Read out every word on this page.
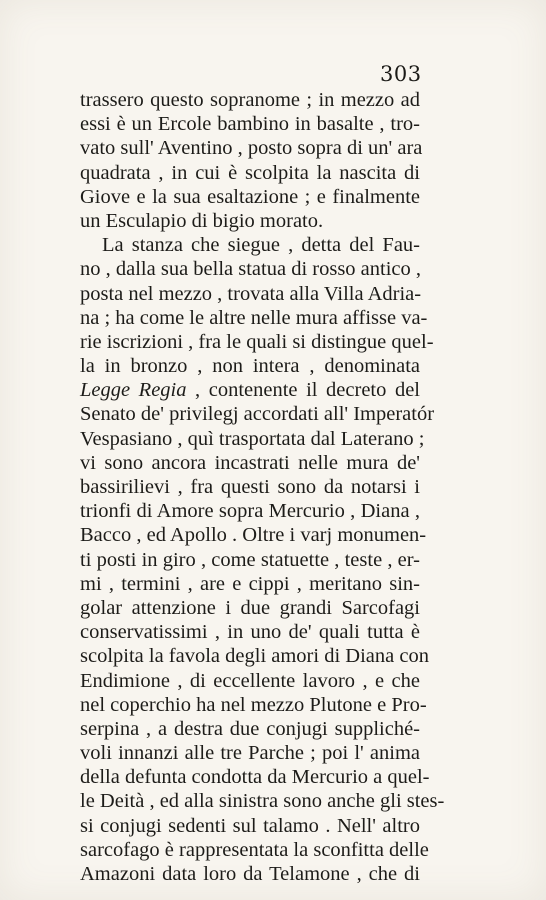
303
trassero questo sopranome ; in mezzo ad
essi è un Ercole bambino in basalte , tro-
vato sull' Aventino , posto sopra di un' ara
quadrata , in cui è scolpita la nascita di
Giove e la sua esaltazione ; e finalmente
un Esculapio di bigio morato.
La stanza che siegue , detta del Fau-
no , dalla sua bella statua di rosso antico ,
posta nel mezzo , trovata alla Villa Adria-
na ; ha come le altre nelle mura affisse va-
rie iscrizioni , fra le quali si distingue quel-
la in bronzo , non intera , denominata
Legge Regia , contenente il decreto del
Senato de' privilegj accordati all' Imperatór
Vespasiano , quì trasportata dal Laterano ;
vi sono ancora incastrati nelle mura de'
bassirilievi , fra questi sono da notarsi i
trionfi di Amore sopra Mercurio , Diana ,
Bacco , ed Apollo . Oltre i varj monumen-
ti posti in giro , come statuette , teste , er-
mi , termini , are e cippi , meritano sin-
golar attenzione i due grandi Sarcofagi
conservatissimi , in uno de' quali tutta è
scolpita la favola degli amori di Diana con
Endimione , di eccellente lavoro , e che
nel coperchio ha nel mezzo Plutone e Pro-
serpina , a destra due conjugi suppliché-
voli innanzi alle tre Parche ; poi l' anima
della defunta condotta da Mercurio a quel-
le Deità , ed alla sinistra sono anche gli stes-
si conjugi sedenti sul talamo . Nell' altro
sarcofago è rappresentata la sconfitta delle
Amazoni data loro da Telamone , che di
